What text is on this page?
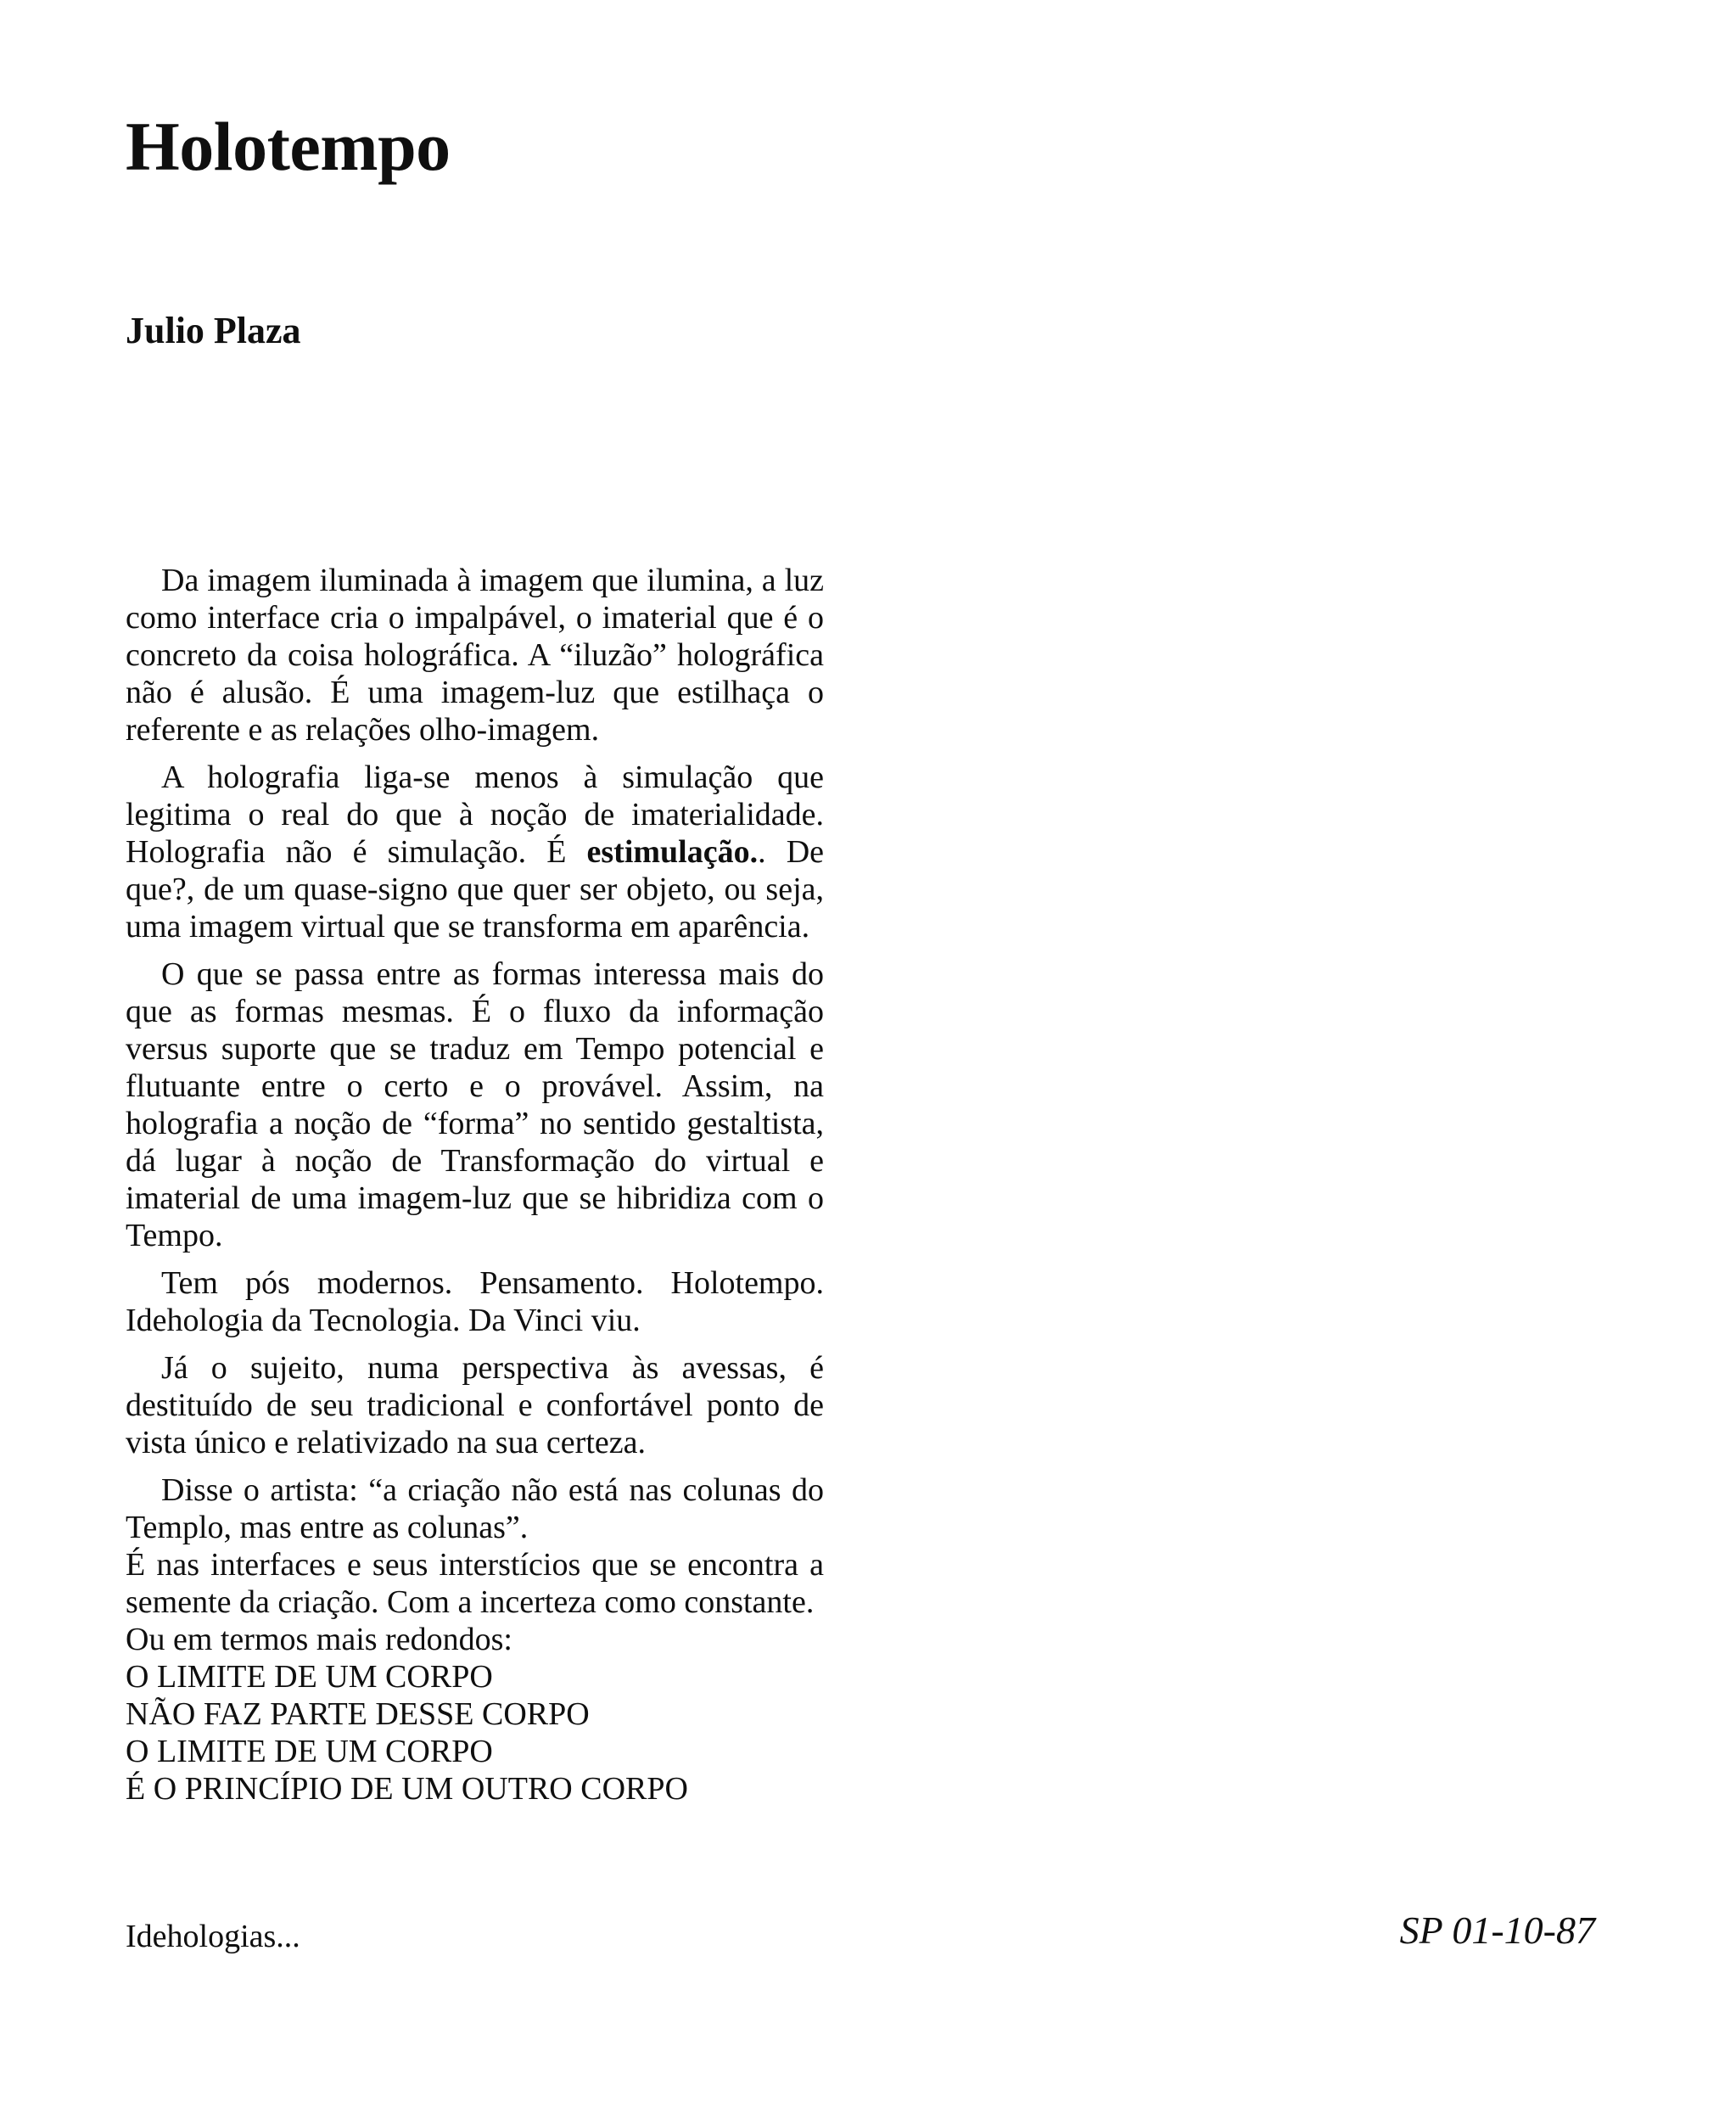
Holotempo
Julio Plaza

Da imagem iluminada à imagem que ilumina, a luz como interface cria o impalpável, o imaterial que é o concreto da coisa holográfica. A “iluzão” holográfica não é alusão. É uma imagem-luz que estilhaça o referente e as relações olho-imagem.

A holografia liga-se menos à simulação que legitima o real do que à noção de imaterialidade. Holografia não é simulação. É estimulação.. De que?, de um quase-signo que quer ser objeto, ou seja, uma imagem virtual que se transforma em aparência.

O que se passa entre as formas interessa mais do que as formas mesmas. É o fluxo da informação versus suporte que se traduz em Tempo potencial e flutuante entre o certo e o provável. Assim, na holografia a noção de “forma” no sentido gestaltista, dá lugar à noção de Transformação do virtual e imaterial de uma imagem-luz que se hibridiza com o Tempo.

Tem pós modernos. Pensamento. Holotempo. Idehologia da Tecnologia. Da Vinci viu.

Já o sujeito, numa perspectiva às avessas, é destituído de seu tradicional e confortável ponto de vista único e relativizado na sua certeza.

Disse o artista: “a criação não está nas colunas do Templo, mas entre as colunas”.

É nas interfaces e seus interstícios que se encontra a semente da criação. Com a incerteza como constante.

Ou em termos mais redondos:

O LIMITE DE UM CORPO

NÃO FAZ PARTE DESSE CORPO

O LIMITE DE UM CORPO

É O PRINCÍPIO DE UM OUTRO CORPO

Idehologias...	SP 01-10-87
